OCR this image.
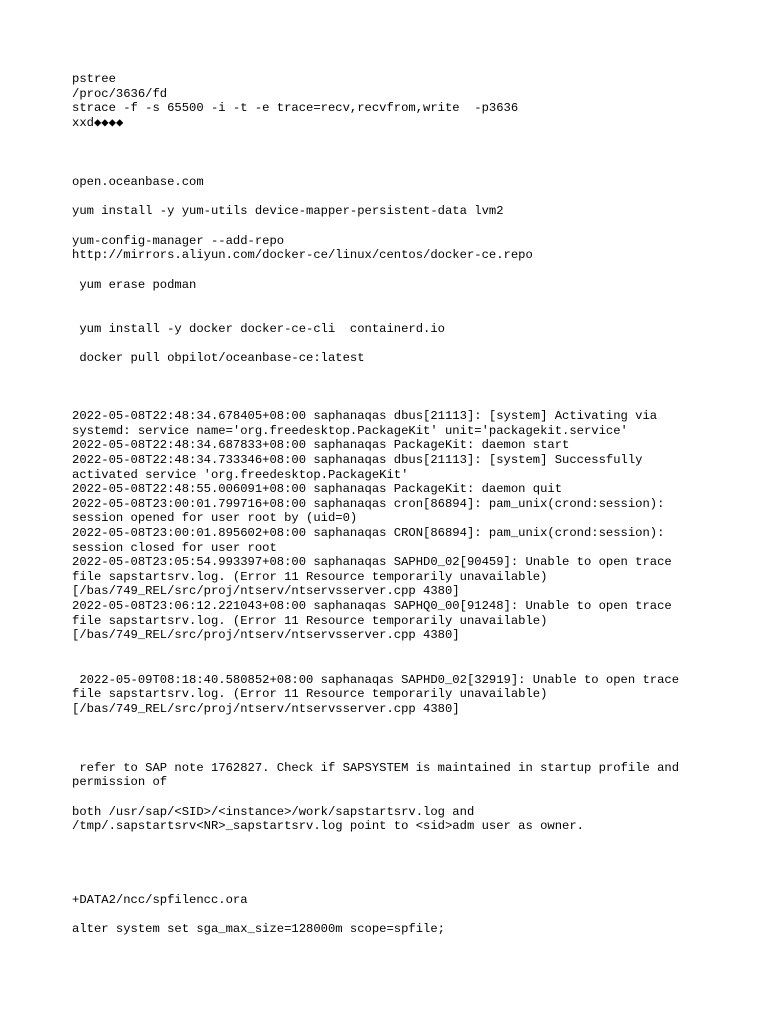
pstree
/proc/3636/fd
strace -f -s 65500 -i -t -e trace=recv,recvfrom,write  -p3636
xxd◆◆◆◆
open.oceanbase.com
yum install -y yum-utils device-mapper-persistent-data lvm2
yum-config-manager --add-repo
http://mirrors.aliyun.com/docker-ce/linux/centos/docker-ce.repo
yum erase podman
yum install -y docker docker-ce-cli  containerd.io
docker pull obpilot/oceanbase-ce:latest
2022-05-08T22:48:34.678405+08:00 saphanaqas dbus[21113]: [system] Activating via
systemd: service name='org.freedesktop.PackageKit' unit='packagekit.service'
2022-05-08T22:48:34.687833+08:00 saphanaqas PackageKit: daemon start
2022-05-08T22:48:34.733346+08:00 saphanaqas dbus[21113]: [system] Successfully
activated service 'org.freedesktop.PackageKit'
2022-05-08T22:48:55.006091+08:00 saphanaqas PackageKit: daemon quit
2022-05-08T23:00:01.799716+08:00 saphanaqas cron[86894]: pam_unix(crond:session):
session opened for user root by (uid=0)
2022-05-08T23:00:01.895602+08:00 saphanaqas CRON[86894]: pam_unix(crond:session):
session closed for user root
2022-05-08T23:05:54.993397+08:00 saphanaqas SAPHD0_02[90459]: Unable to open trace
file sapstartsrv.log. (Error 11 Resource temporarily unavailable)
[/bas/749_REL/src/proj/ntserv/ntservsserver.cpp 4380]
2022-05-08T23:06:12.221043+08:00 saphanaqas SAPHQ0_00[91248]: Unable to open trace
file sapstartsrv.log. (Error 11 Resource temporarily unavailable)
[/bas/749_REL/src/proj/ntserv/ntservsserver.cpp 4380]
2022-05-09T08:18:40.580852+08:00 saphanaqas SAPHD0_02[32919]: Unable to open trace
file sapstartsrv.log. (Error 11 Resource temporarily unavailable)
[/bas/749_REL/src/proj/ntserv/ntservsserver.cpp 4380]
refer to SAP note 1762827. Check if SAPSYSTEM is maintained in startup profile and
permission of
both /usr/sap/<SID>/<instance>/work/sapstartsrv.log and
/tmp/.sapstartsrv<NR>_sapstartsrv.log point to <sid>adm user as owner.
+DATA2/ncc/spfilencc.ora
alter system set sga_max_size=128000m scope=spfile;
